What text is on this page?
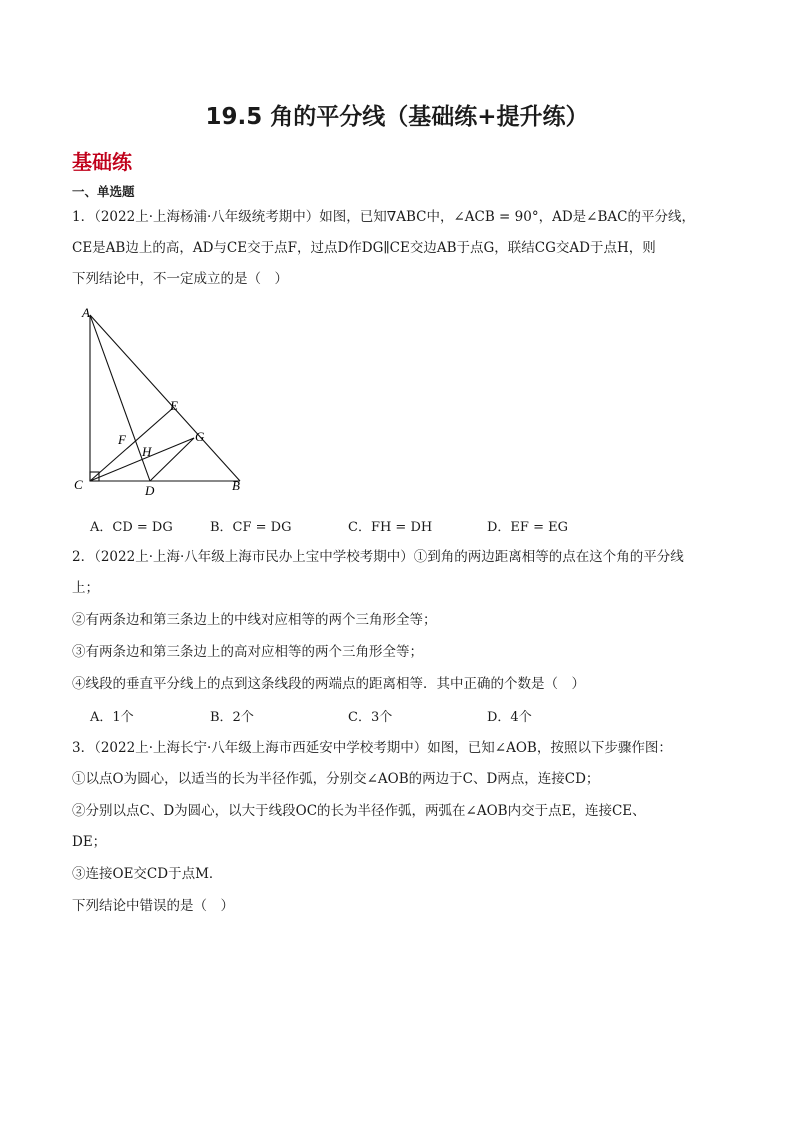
19.5 角的平分线（基础练+提升练）
基础练
一、单选题
1．（2022上·上海杨浦·八年级统考期中）如图，已知∇ABC中，∠ACB = 90°，AD是∠BAC的平分线，
CE是AB边上的高，AD与CE交于点F，过点D作DG∥CE交边AB于点G，联结CG交AD于点H，则
下列结论中，不一定成立的是（　）
A
E
F	G
H
C	D	B
A．CD = DG	B．CF = DG	C．FH = DH	D．EF = EG
2．（2022上·上海·八年级上海市民办上宝中学校考期中）①到角的两边距离相等的点在这个角的平分线
上；
②有两条边和第三条边上的中线对应相等的两个三角形全等；
③有两条边和第三条边上的高对应相等的两个三角形全等；
④线段的垂直平分线上的点到这条线段的两端点的距离相等．其中正确的个数是（　）
A．1个	B．2个	C．3个	D．4个
3．（2022上·上海长宁·八年级上海市西延安中学校考期中）如图，已知∠AOB，按照以下步骤作图：
①以点O为圆心，以适当的长为半径作弧，分别交∠AOB的两边于C、D两点，连接CD；
②分别以点C、D为圆心，以大于线段OC的长为半径作弧，两弧在∠AOB内交于点E，连接CE、
DE；
③连接OE交CD于点M．
下列结论中错误的是（　）
